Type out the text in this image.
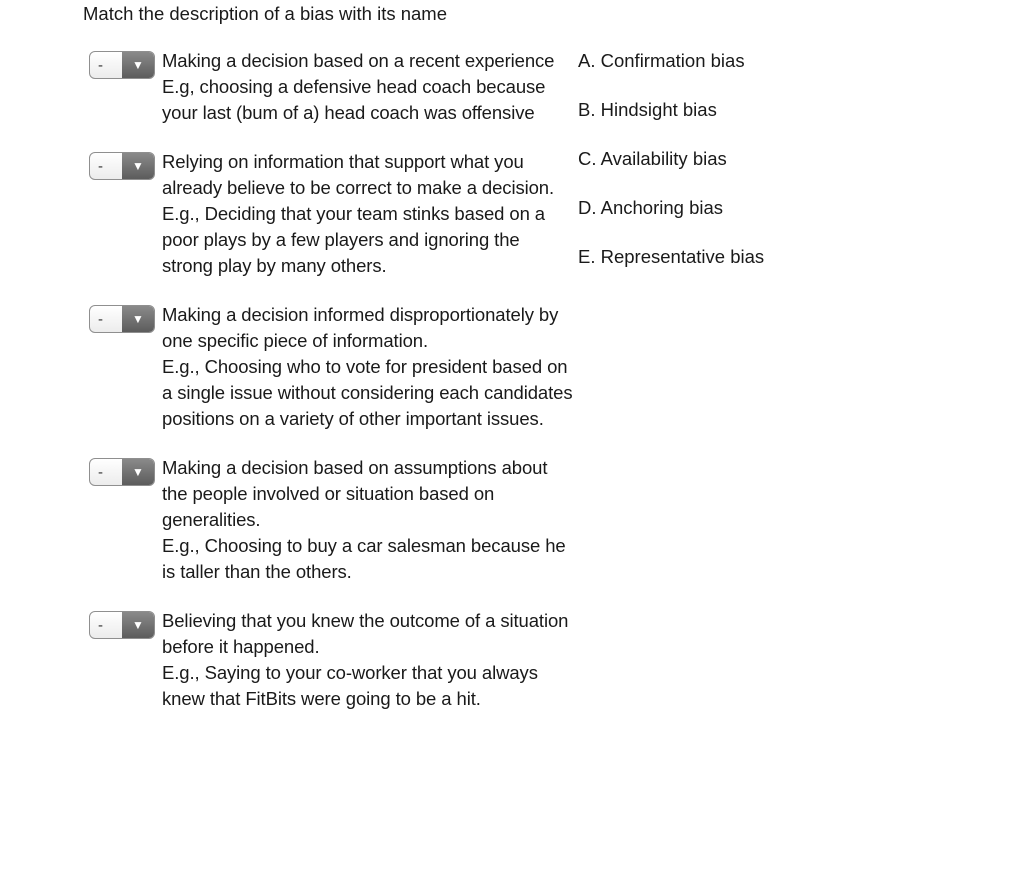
Match the description of a bias with its name
-	▼ Making a decision based on a recent experience

E.g, choosing a defensive head coach because your last (bum of a) head coach was offensive

-	▼ Relying on information that support what you already believe to be correct to make a decision.

E.g., Deciding that your team stinks based on a poor plays by a few players and ignoring the strong play by many others.

-	▼ Making a decision informed disproportionately by one specific piece of information.

E.g., Choosing who to vote for president based on a single issue without considering each candidates positions on a variety of other important issues.

-	▼ Making a decision based on assumptions about the people involved or situation based on generalities.

E.g., Choosing to buy a car salesman because he is taller than the others.

-	▼ Believing that you knew the outcome of a situation before it happened.

E.g., Saying to your co-worker that you always knew that FitBits were going to be a hit.

A. Confirmation bias
B. Hindsight bias
C. Availability bias
D. Anchoring bias
E. Representative bias
